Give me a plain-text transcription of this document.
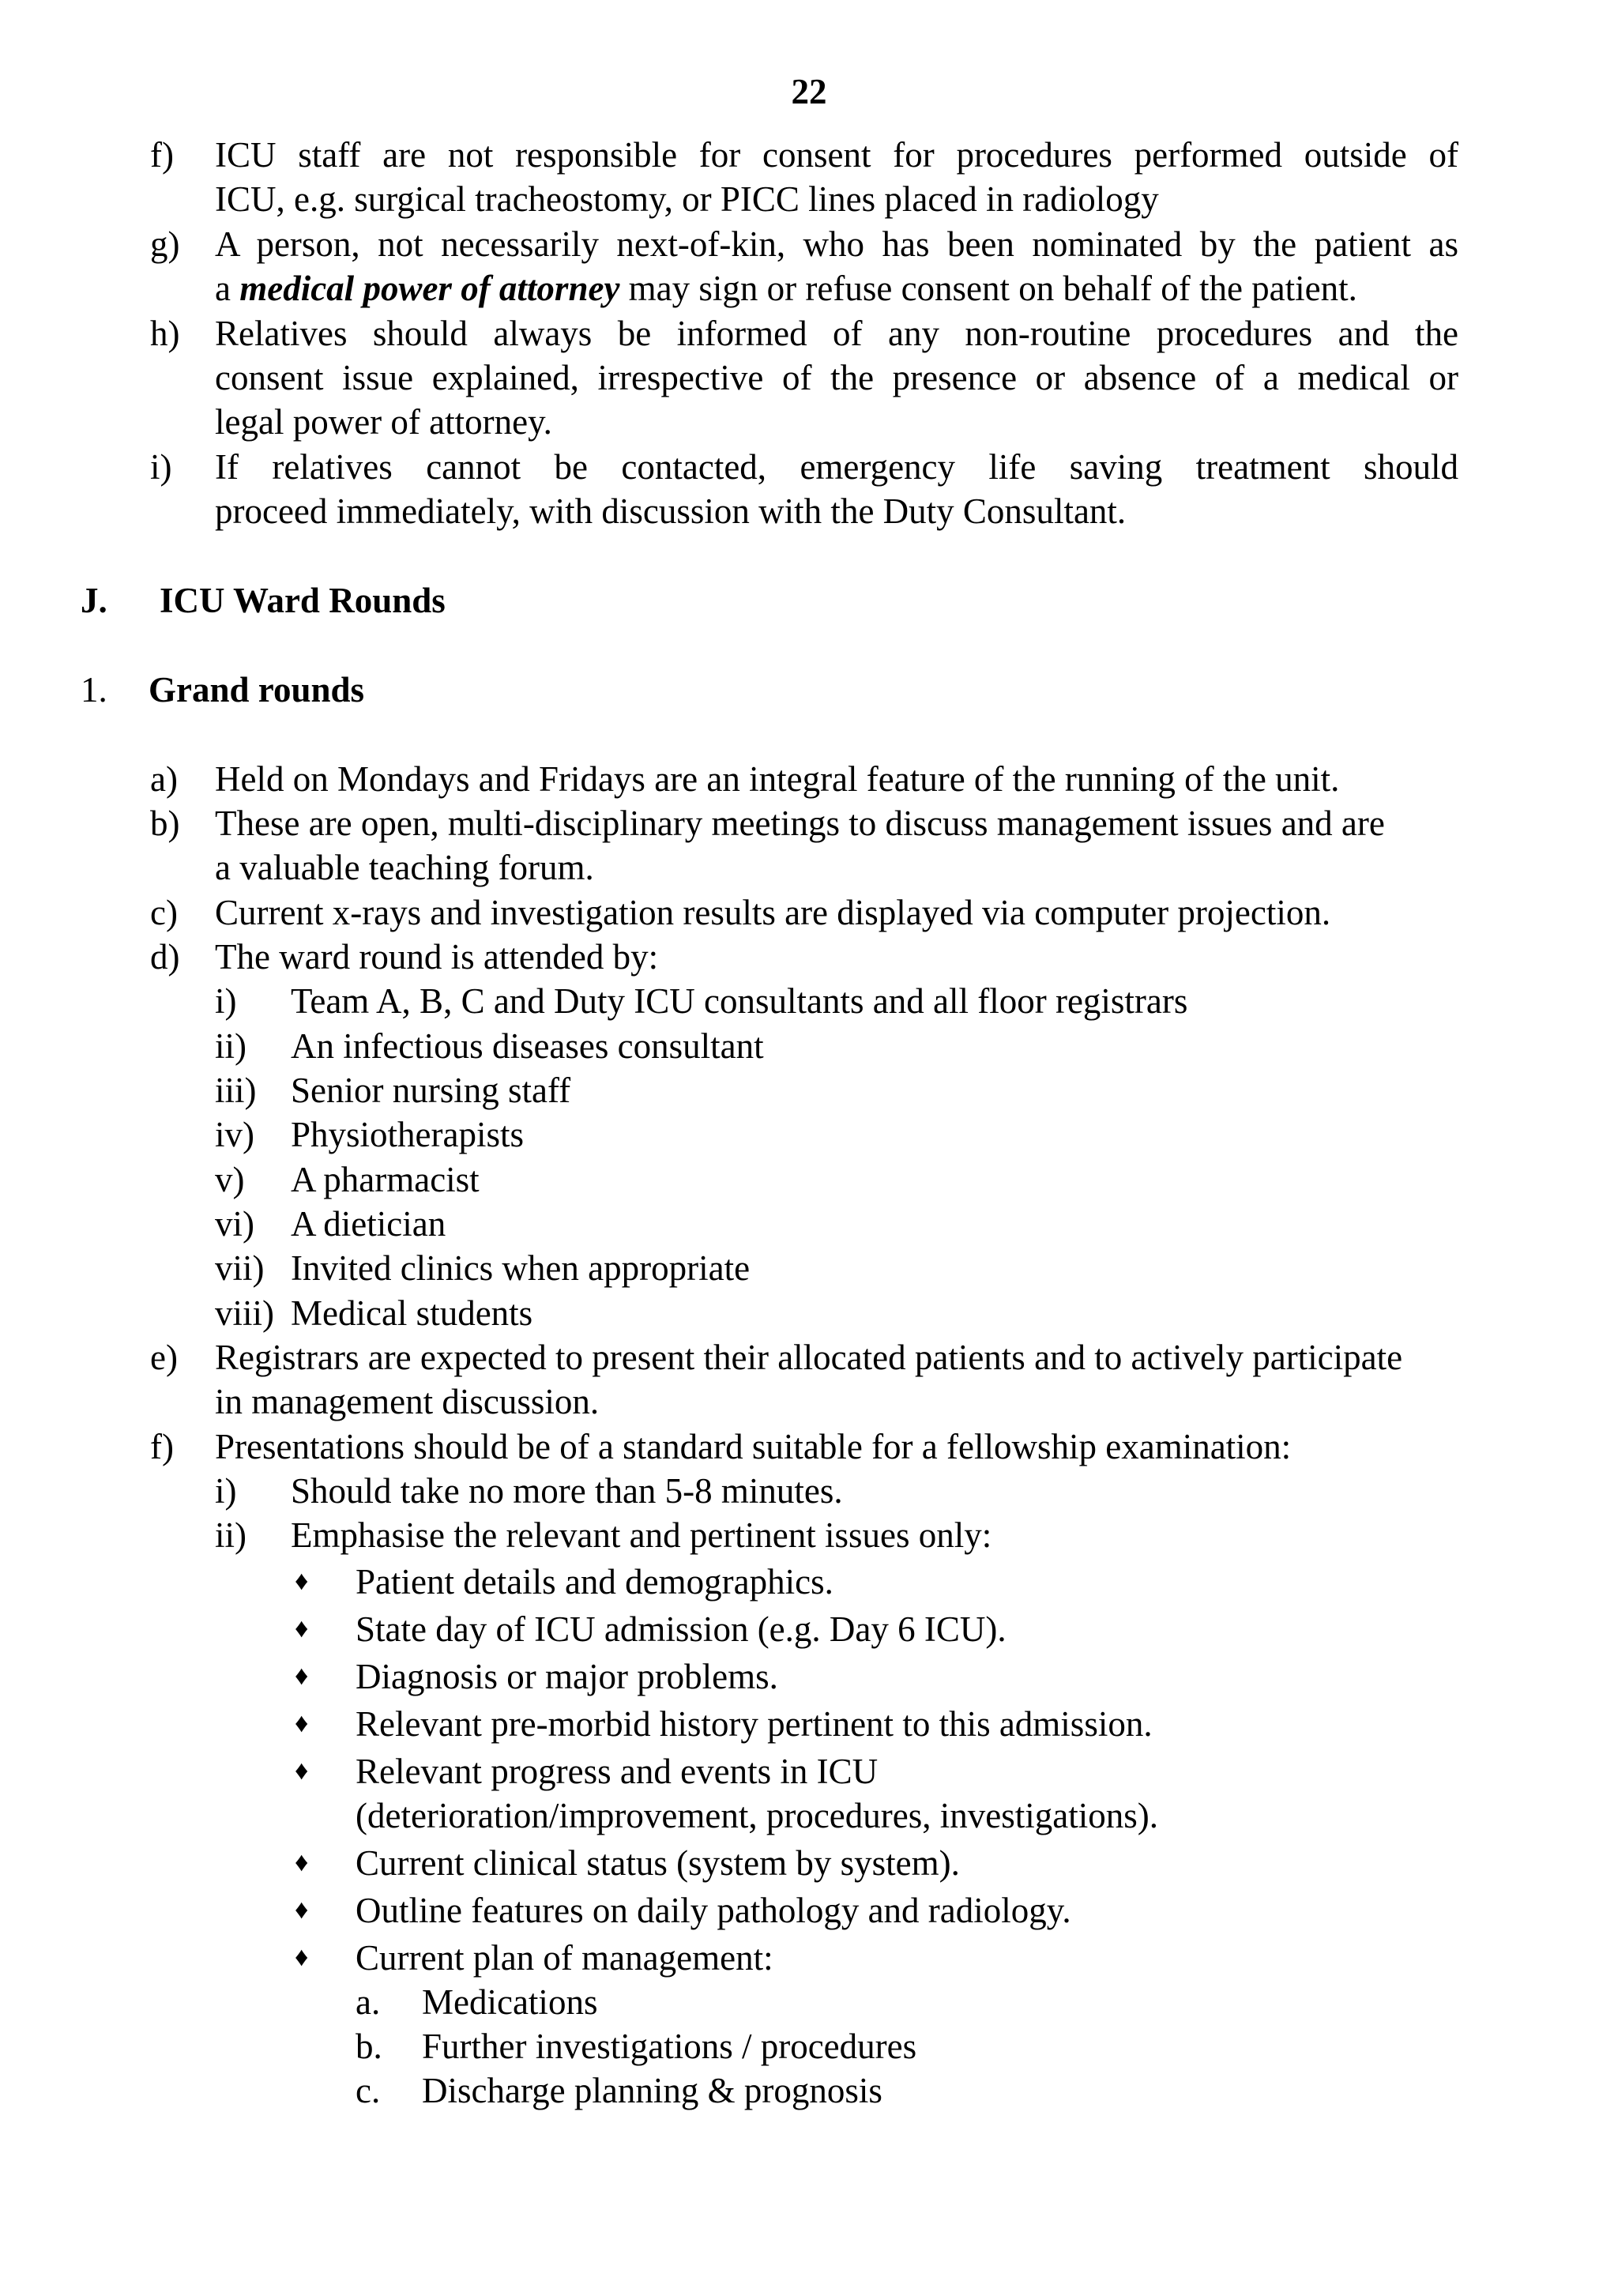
22
f) ICU staff are not responsible for consent for procedures performed outside of
ICU, e.g. surgical tracheostomy, or PICC lines placed in radiology
g) A person, not necessarily next-of-kin, who has been nominated by the patient as
a medical power of attorney may sign or refuse consent on behalf of the patient.
h) Relatives should always be informed of any non-routine procedures and the
consent issue explained, irrespective of the presence or absence of a medical or
legal power of attorney.
i) If relatives cannot be contacted, emergency life saving treatment should
proceed immediately, with discussion with the Duty Consultant.
J. ICU Ward Rounds
1. Grand rounds
a) Held on Mondays and Fridays are an integral feature of the running of the unit.
b) These are open, multi-disciplinary meetings to discuss management issues and are
a valuable teaching forum.
c) Current x-rays and investigation results are displayed via computer projection.
d) The ward round is attended by:
i) Team A, B, C and Duty ICU consultants and all floor registrars
ii) An infectious diseases consultant
iii) Senior nursing staff
iv) Physiotherapists
v) A pharmacist
vi) A dietician
vii) Invited clinics when appropriate
viii) Medical students
e) Registrars are expected to present their allocated patients and to actively participate
in management discussion.
f) Presentations should be of a standard suitable for a fellowship examination:
i) Should take no more than 5-8 minutes.
ii) Emphasise the relevant and pertinent issues only:
♦ Patient details and demographics.
♦ State day of ICU admission (e.g. Day 6 ICU).
♦ Diagnosis or major problems.
♦ Relevant pre-morbid history pertinent to this admission.
♦ Relevant progress and events in ICU
(deterioration/improvement, procedures, investigations).
♦ Current clinical status (system by system).
♦ Outline features on daily pathology and radiology.
♦ Current plan of management:
a. Medications
b. Further investigations / procedures
c. Discharge planning & prognosis
